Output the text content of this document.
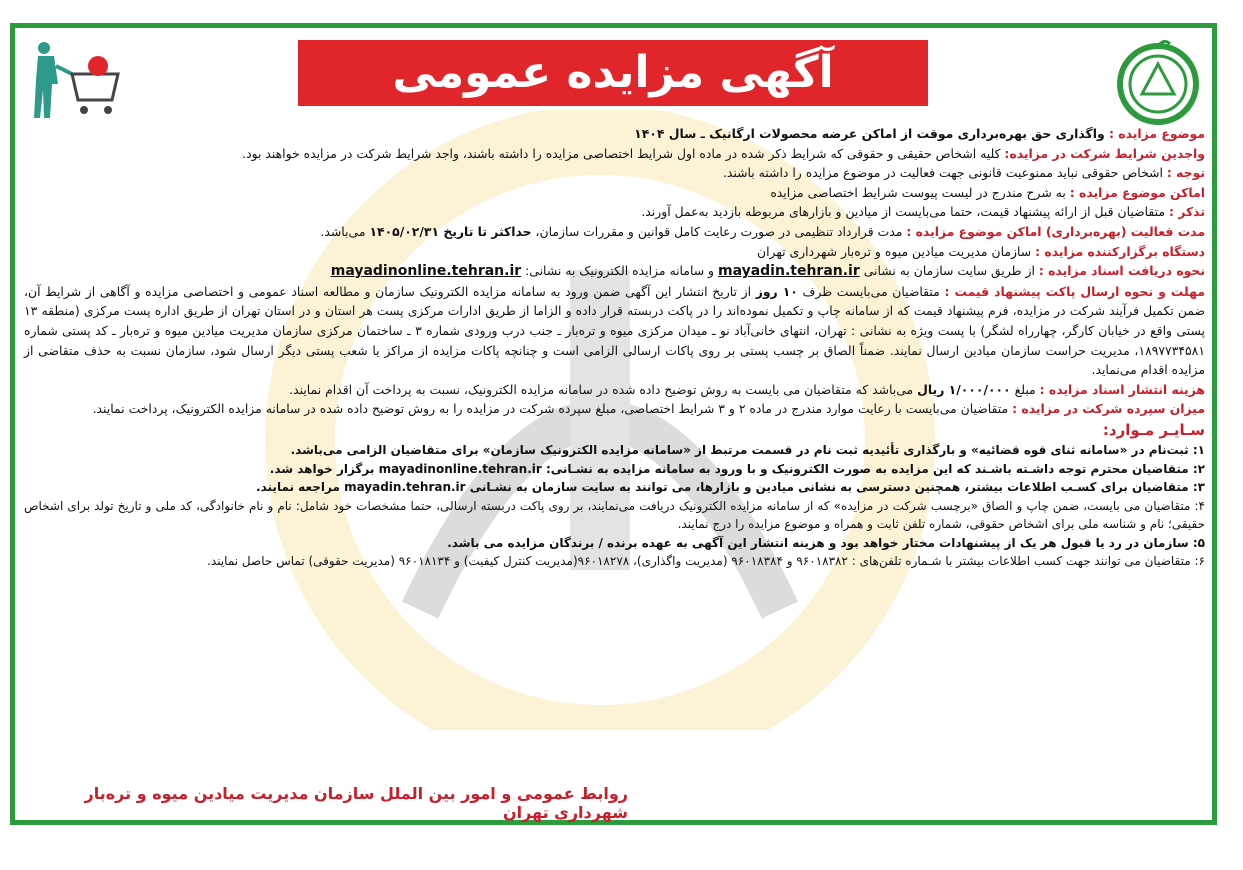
آگهی مزایده عمومی

موضوع مزایده : واگذاری حق بهره‌برداری موقت از اماکن عرضه محصولات ارگانیک ـ سال ۱۴۰۴

واجدین شرایط شرکت در مزایده: کلیه اشخاص حقیقی و حقوقی که شرایط ذکر شده در ماده اول شرایط اختصاصی مزایده را داشته باشند، واجد شرایط شرکت در مزایده خواهند بود.

توجه : اشخاص حقوقی نباید ممنوعیت قانونی جهت فعالیت در موضوع مزایده را داشته باشند.

اماکن موضوع مزایده : به شرح مندرج در لیست پیوست شرایط اختصاصی مزایده

تذکر : متقاضیان قبل از ارائه پیشنهاد قیمت، حتما می‌بایست از میادین و بازارهای مربوطه بازدید به‌عمل آورند.

مدت فعالیت (بهره‌برداری) اماکن موضوع مزایده : مدت قرارداد تنظیمی در صورت رعایت کامل قوانین و مقررات سازمان، حداکثر تا تاریخ ۱۴۰۵/۰۲/۳۱ می‌باشد.

دستگاه برگزارکننده مزایده : سازمان مدیریت میادین میوه و تره‌بار شهرداری تهران

نحوه دریافت اسناد مزایده : از طریق سایت سازمان به نشانی mayadin.tehran.ir و سامانه مزایده الکترونیک به نشانی: mayadinonline.tehran.ir

مهلت و نحوه ارسال پاکت پیشنهاد قیمت : متقاضیان می‌بایست ظرف ۱۰ روز از تاریخ انتشار این آگهی ضمن ورود به سامانه مزایده الکترونیک سازمان و مطالعه اسناد عمومی و اختصاصی مزایده و آگاهی از شرایط آن، ضمن تکمیل فرآیند شرکت در مزایده، فرم پیشنهاد قیمت که از سامانه چاپ و تکمیل نموده‌اند را در پاکت دربسته قرار داده و الزاما از طریق ادارات مرکزی پست هر استان و در استان تهران از طریق اداره پست مرکزی (منطقه ۱۳ پستی واقع در خیابان کارگر، چهارراه لشگر) با پست ویژه به نشانی : تهران، انتهای خانی‌آباد نو ـ میدان مرکزی میوه و تره‌بار ـ جنب درب ورودی شماره ۳ ـ ساختمان مرکزی سازمان مدیریت میادین میوه و تره‌بار ـ کد پستی شماره ۱۸۹۷۷۳۴۵۸۱، مدیریت حراست سازمان میادین ارسال نمایند. ضمناً الصاق بر چسب پستی بر روی پاکات ارسالی الزامی است و چنانچه پاکات مزایده از مراکز یا شعب پستی دیگر ارسال شود، سازمان نسبت به حذف متقاضی از مزایده اقدام می‌نماید.

هزینه انتشار اسناد مزایده : مبلغ ۱/۰۰۰/۰۰۰ ریال می‌باشد که متقاضیان می بایست به روش توضیح داده شده در سامانه مزایده الکترونیک، نسبت به پرداخت آن اقدام نمایند.

میزان سپرده شرکت در مزایده : متقاضیان می‌بایست با رعایت موارد مندرج در ماده ۲ و ۳ شرایط اختصاصی، مبلغ سپرده شرکت در مزایده را به روش توضیح داده شده در سامانه مزایده الکترونیک، پرداخت نمایند.

سـایـر مـوارد:

۱: ثبت‌نام در «سامانه ثنای قوه قضائیه» و بارگذاری تأئیدیه ثبت نام در قسمت مرتبط از «سامانه مزایده الکترونیک سازمان» برای متقاضیان الزامی می‌باشد.

۲: متقاضیان محترم توجه داشـته باشـند که این مزایده به صورت الکترونیک و با ورود به سامانه مزایده به نشـانی: mayadinonline.tehran.ir برگزار خواهد شد.

۳: متقاضیان برای کسـب اطلاعات بیشتر، همچنین دسترسی به نشانی میادین و بازارها، می توانند به سایت سازمان به نشـانی mayadin.tehran.ir مراجعه نمایند.

۴: متقاضیان می بایست، ضمن چاپ و الصاق «برچسب شرکت در مزایده» که از سامانه مزایده الکترونیک دریافت می‌نمایند، بر روی پاکت دربسته ارسالی، حتما مشخصات خود شامل: نام و نام خانوادگی، کد ملی و تاریخ تولد برای اشخاص حقیقی؛ نام و شناسه ملی برای اشخاص حقوقی، شماره تلفن ثابت و همراه و موضوع مزایده را درج نمایند.

۵: سازمان در رد یا قبول هر یک از پیشنهادات مختار خواهد بود و هزینه انتشار این آگهی به عهده برنده / برندگان مزایده می باشد.

۶: متقاضیان می توانند جهت کسب اطلاعات بیشتر با شـماره تلفن‌های : ۹۶۰۱۸۳۸۲ و ۹۶۰۱۸۳۸۴ (مدیریت واگذاری)، ۹۶۰۱۸۲۷۸(مدیریت کنترل کیفیت) و ۹۶۰۱۸۱۳۴ (مدیریت حقوقی) تماس حاصل نمایند.

روابط عمومی و امور بین الملل سازمان مدیریت میادین میوه و تره‌بار شهرداری تهران
